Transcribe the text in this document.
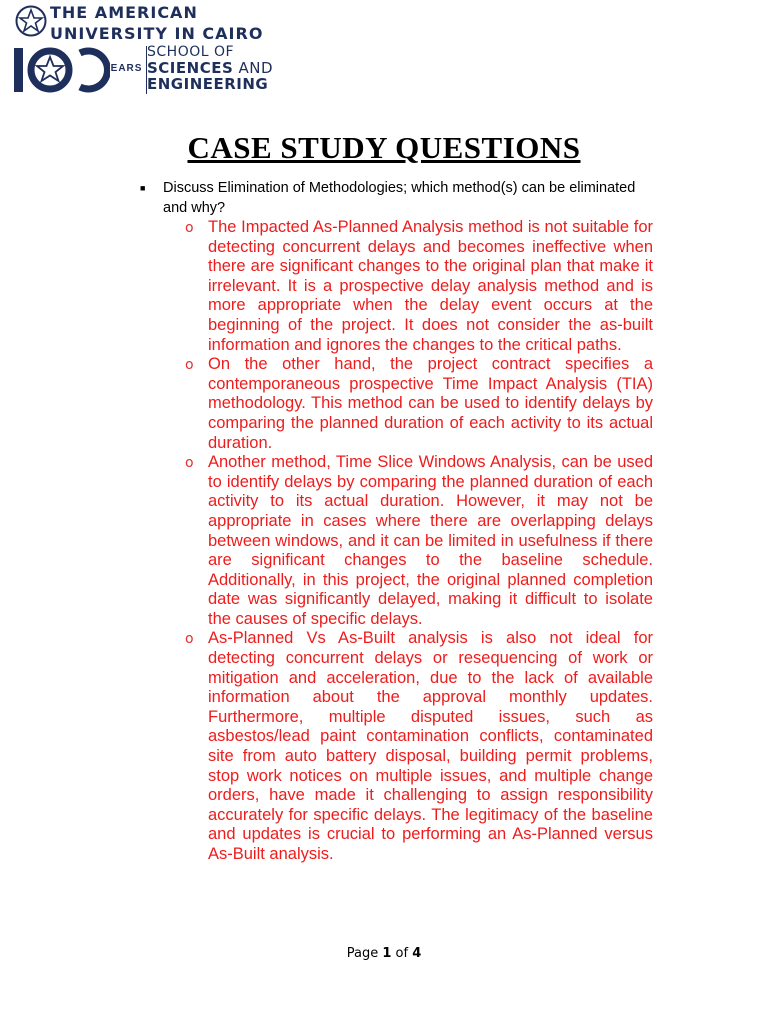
THE AMERICAN
UNIVERSITY IN CAIRO
YEARS
SCHOOL OF
SCIENCES AND
ENGINEERING
CASE STUDY QUESTIONS
■	Discuss Elimination of Methodologies; which method(s) can be eliminated and why?
o The Impacted As-Planned Analysis method is not suitable for detecting concurrent delays and becomes ineffective when there are significant changes to the original plan that make it irrelevant. It is a prospective delay analysis method and is more appropriate when the delay event occurs at the beginning of the project. It does not consider the as-built information and ignores the changes to the critical paths.
o On the other hand, the project contract specifies a contemporaneous prospective Time Impact Analysis (TIA) methodology. This method can be used to identify delays by comparing the planned duration of each activity to its actual duration.
o Another method, Time Slice Windows Analysis, can be used to identify delays by comparing the planned duration of each activity to its actual duration. However, it may not be appropriate in cases where there are overlapping delays between windows, and it can be limited in usefulness if there are significant changes to the baseline schedule. Additionally, in this project, the original planned completion date was significantly delayed, making it difficult to isolate the causes of specific delays.
o As-Planned Vs As-Built analysis is also not ideal for detecting concurrent delays or resequencing of work or mitigation and acceleration, due to the lack of available information about the approval monthly updates. Furthermore, multiple disputed issues, such as asbestos/lead paint contamination conflicts, contaminated site from auto battery disposal, building permit problems, stop work notices on multiple issues, and multiple change orders, have made it challenging to assign responsibility accurately for specific delays. The legitimacy of the baseline and updates is crucial to performing an As-Planned versus As-Built analysis.
Page 1 of 4
